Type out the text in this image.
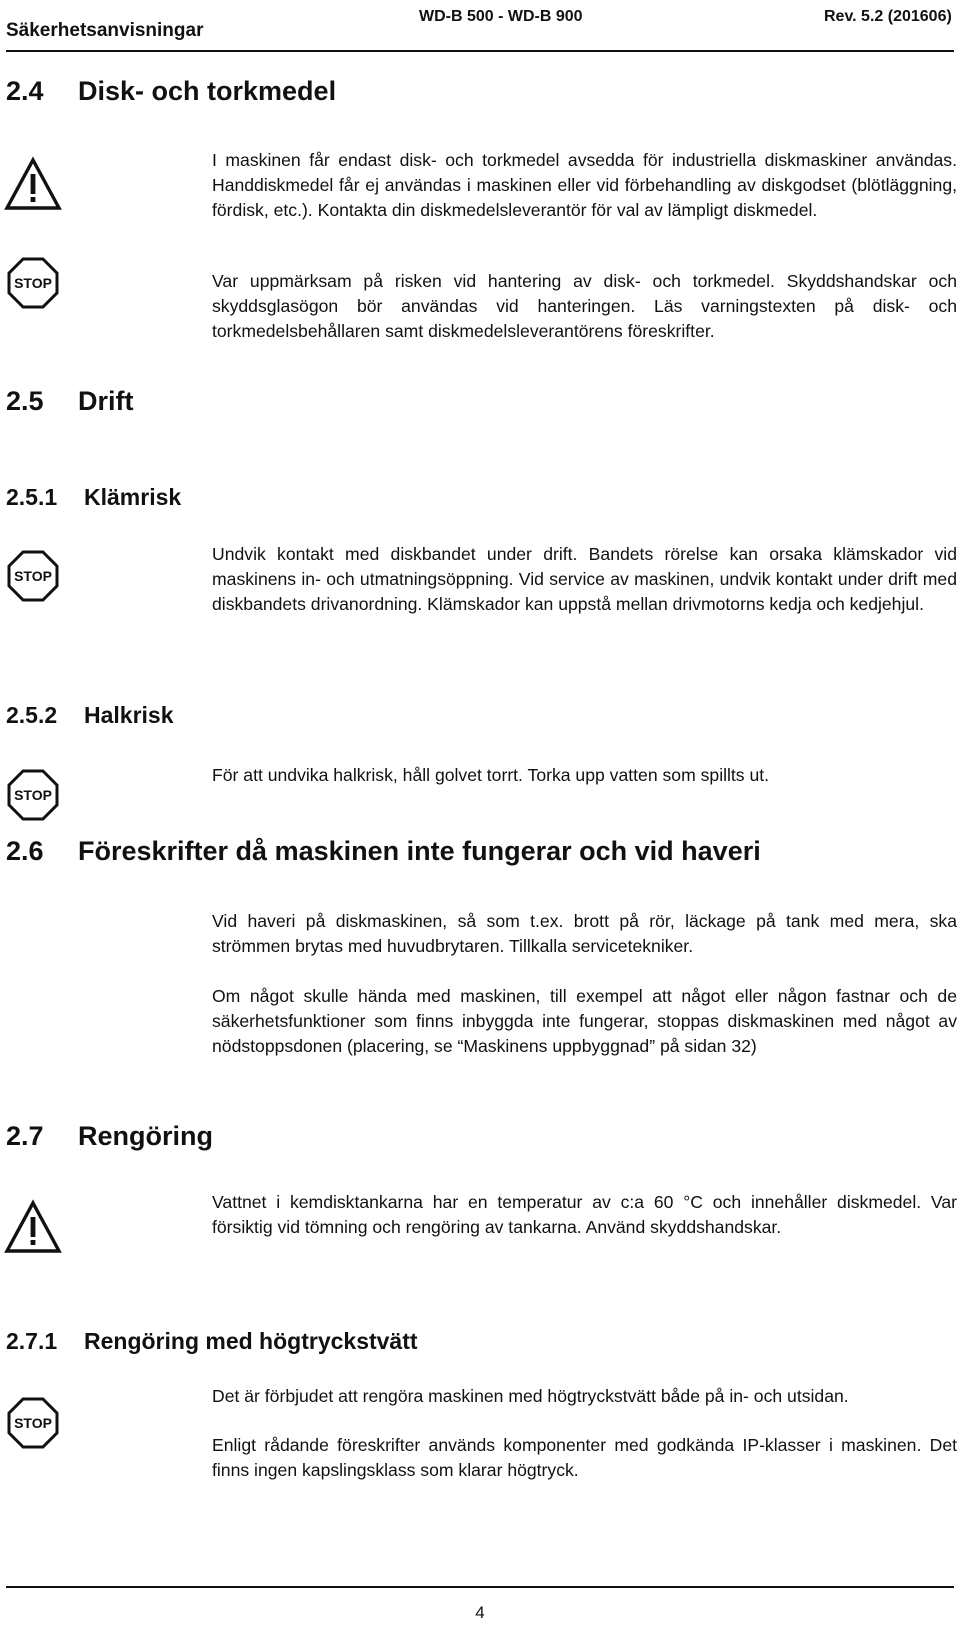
Säkerhetsanvisningar
WD-B 500 - WD-B 900	Rev. 5.2 (201606)
2.4	Disk- och torkmedel
I maskinen får endast disk- och torkmedel avsedda för industriella diskmaskiner användas. Handdiskmedel får ej användas i maskinen eller vid förbehandling av diskgodset (blötläggning, fördisk, etc.). Kontakta din diskmedelsleverantör för val av lämpligt diskmedel.
STOP	Var uppmärksam på risken vid hantering av disk- och torkmedel. Skyddshandskar och skyddsglasögon bör användas vid hanteringen. Läs varningstexten på disk- och torkmedelsbehållaren samt diskmedelsleverantörens föreskrifter.
2.5	Drift
2.5.1	Klämrisk
STOP
Undvik kontakt med diskbandet under drift. Bandets rörelse kan orsaka klämskador vid maskinens in- och utmatningsöppning. Vid service av maskinen, undvik kontakt under drift med diskbandets drivanordning. Klämskador kan uppstå mellan drivmotorns kedja och kedjehjul.
2.5.2	Halkrisk
STOP
För att undvika halkrisk, håll golvet torrt. Torka upp vatten som spillts ut.
2.6	Föreskrifter då maskinen inte fungerar och vid haveri
Vid haveri på diskmaskinen, så som t.ex. brott på rör, läckage på tank med mera, ska strömmen brytas med huvudbrytaren. Tillkalla servicetekniker.
Om något skulle hända med maskinen, till exempel att något eller någon fastnar och de säkerhetsfunktioner som finns inbyggda inte fungerar, stoppas diskmaskinen med något av nödstoppsdonen (placering, se “Maskinens uppbyggnad” på sidan 32)
2.7	Rengöring
Vattnet i kemdisktankarna har en temperatur av c:a 60 °C och innehåller diskmedel. Var försiktig vid tömning och rengöring av tankarna. Använd skyddshandskar.
2.7.1	Rengöring med högtryckstvätt
STOP
Det är förbjudet att rengöra maskinen med högtryckstvätt både på in- och utsidan.
Enligt rådande föreskrifter används komponenter med godkända IP-klasser i maskinen. Det finns ingen kapslingsklass som klarar högtryck.
4
